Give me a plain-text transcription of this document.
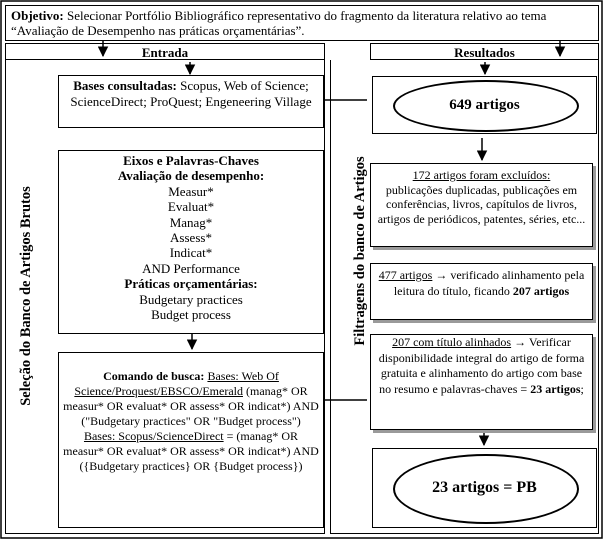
Objetivo: Selecionar Portfólio Bibliográfico representativo do fragmento da literatura relativo ao tema “Avaliação de Desempenho nas práticas orçamentárias”.
Entrada	Resultados
Seleção do Banco de Artigos Brutos	Filtragens do banco de Artigos
Bases consultadas: Scopus, Web of Science; ScienceDirect; ProQuest; Engeneering Village
Eixos e Palavras-Chaves
Avaliação de desempenho:
Measur*
Evaluat*
Manag*
Assess*
Indicat*
AND Performance
Práticas orçamentárias:
Budgetary practices
Budget process
Comando de busca: Bases: Web Of Science/Proquest/EBSCO/Emerald (manag* OR measur* OR evaluat* OR assess* OR indicat*) AND ("Budgetary practices" OR "Budget process")
Bases: Scopus/ScienceDirect = (manag* OR measur* OR evaluat* OR assess* OR indicat*) AND ({Budgetary practices} OR {Budget process})
649 artigos
172 artigos foram excluídos:
publicações duplicadas, publicações em conferências, livros, capítulos de livros, artigos de periódicos, patentes, séries, etc...
477 artigos → verificado alinhamento pela leitura do título, ficando 207 artigos
207 com título alinhados → Verificar disponibilidade integral do artigo de forma gratuita e alinhamento do artigo com base no resumo e palavras-chaves = 23 artigos;
23 artigos = PB
